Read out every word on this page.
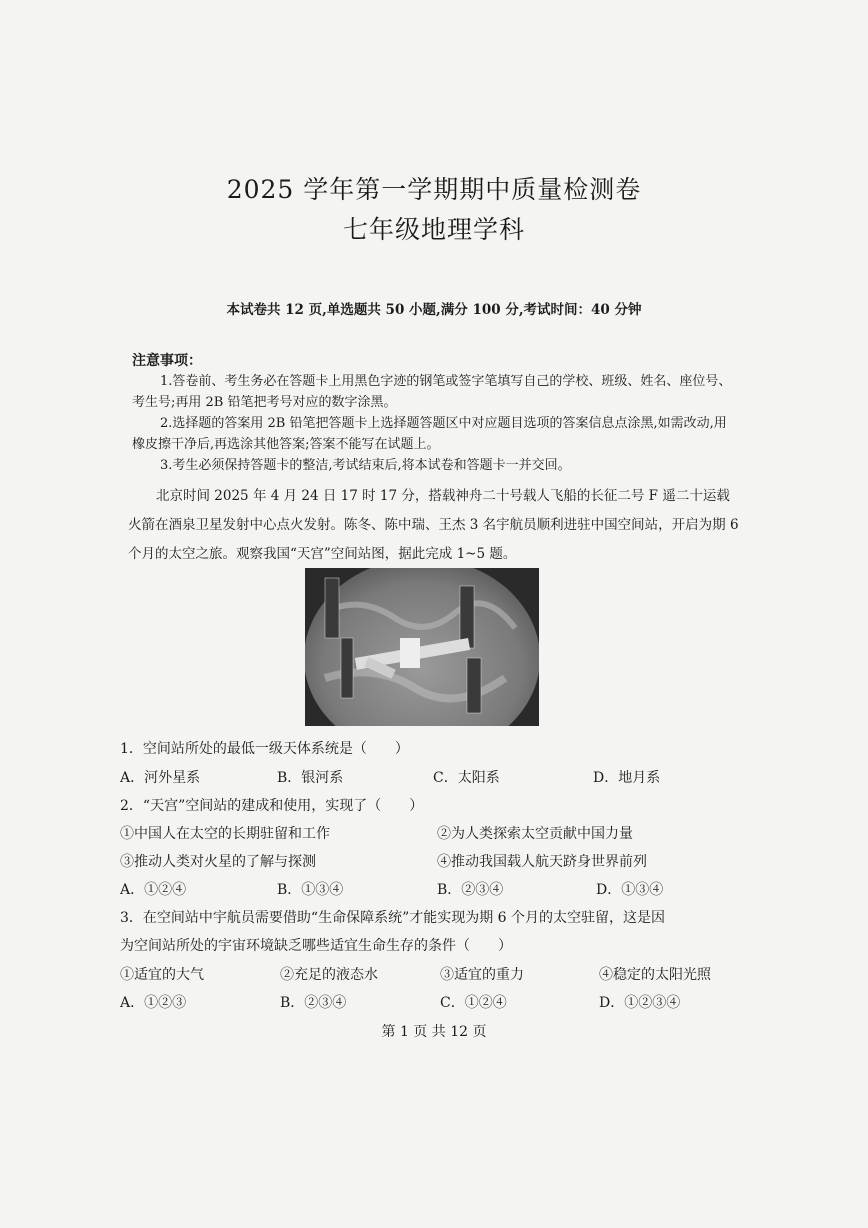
2025 学年第一学期期中质量检测卷
七年级地理学科
本试卷共 12 页,单选题共 50 小题,满分 100 分,考试时间：40 分钟
注意事项：
1.答卷前、考生务必在答题卡上用黑色字迹的钢笔或签字笔填写自己的学校、班级、姓名、座位号、考生号;再用 2B 铅笔把考号对应的数字涂黑。
2.选择题的答案用 2B 铅笔把答题卡上选择题答题区中对应题目选项的答案信息点涂黑,如需改动,用橡皮擦干净后,再选涂其他答案;答案不能写在试题上。
3.考生必须保持答题卡的整洁,考试结束后,将本试卷和答题卡一并交回。
北京时间 2025 年 4 月 24 日 17 时 17 分，搭载神舟二十号载人飞船的长征二号 F 遥二十运载火箭在酒泉卫星发射中心点火发射。陈冬、陈中瑞、王杰 3 名宇航员顺利进驻中国空间站，开启为期 6 个月的太空之旅。观察我国“天宫”空间站图，据此完成 1~5 题。
1．空间站所处的最低一级天体系统是（　　）
A．河外星系	B．银河系	C．太阳系	D．地月系
2．“天宫”空间站的建成和使用，实现了（　　）
①中国人在太空的长期驻留和工作	②为人类探索太空贡献中国力量
③推动人类对火星的了解与探测	④推动我国载人航天跻身世界前列
A．①②④	B．①③④	B．②③④	D．①③④
3．在空间站中宇航员需要借助“生命保障系统”才能实现为期 6 个月的太空驻留，这是因
为空间站所处的宇宙环境缺乏哪些适宜生命生存的条件（　　）
①适宜的大气	②充足的液态水	③适宜的重力	④稳定的太阳光照
A．①②③	B．②③④	C．①②④	D．①②③④
第 1 页 共 12 页
